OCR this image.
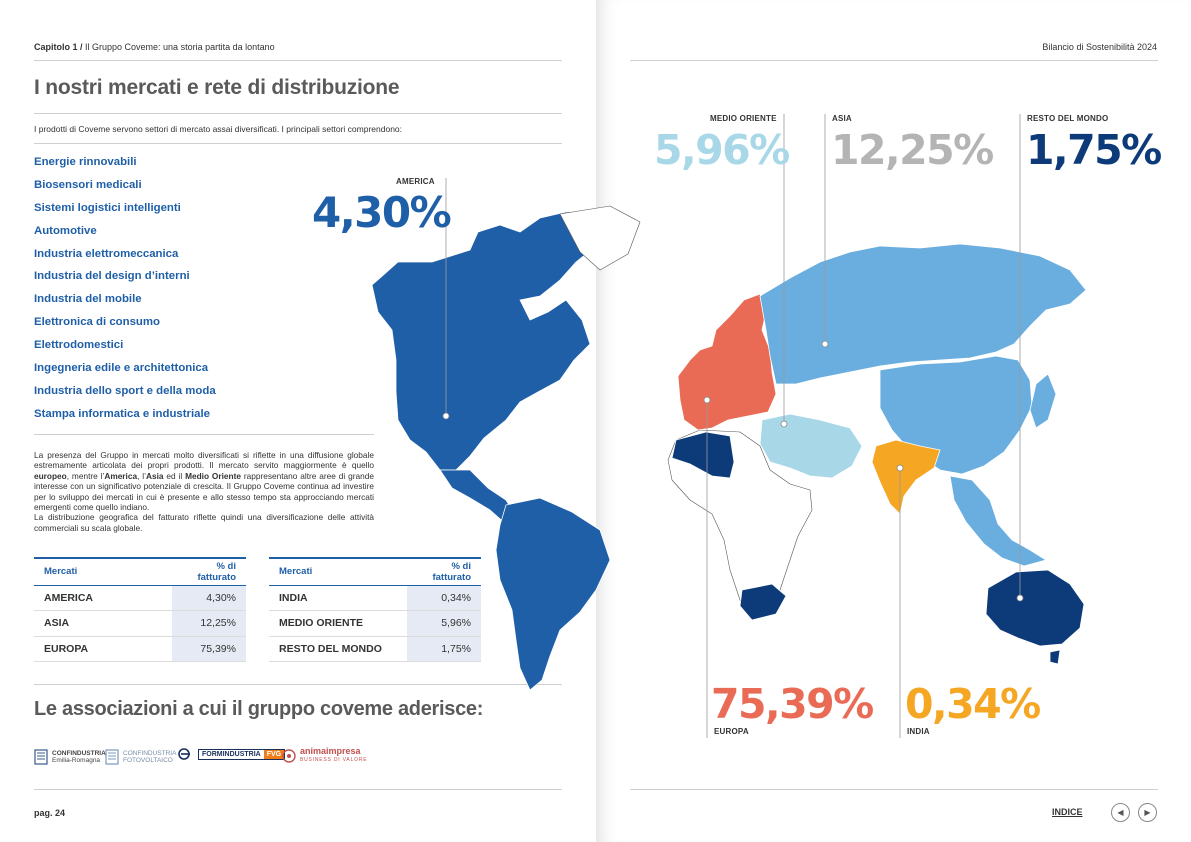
Capitolo 1 / Il Gruppo Coveme: una storia partita da lontano
I nostri mercati e rete di distribuzione

I prodotti di Coveme servono settori di mercato assai diversificati. I principali settori comprendono:

Energie rinnovabili
Biosensori medicali
Sistemi logistici intelligenti
Automotive
Industria elettromeccanica
Industria del design d’interni
Industria del mobile
Elettronica di consumo
Elettrodomestici
Ingegneria edile e architettonica
Industria dello sport e della moda
Stampa informatica e industriale

La presenza del Gruppo in mercati molto diversificati si riflette in una diffusione globale estremamente articolata dei propri prodotti. Il mercato servito maggiormente è quello europeo, mentre l’America, l’Asia ed il Medio Oriente rappresentano altre aree di grande interesse con un significativo potenziale di crescita. Il Gruppo Coveme continua ad investire per lo sviluppo dei mercati in cui è presente e allo stesso tempo sta approcciando mercati emergenti come quello indiano.

La distribuzione geografica del fatturato riflette quindi una diversificazione delle attività commerciali su scala globale.

Mercati	% di fatturato
AMERICA	4,30%
ASIA	12,25%
EUROPA	75,39%
Mercati	% di fatturato
INDIA	0,34%
MEDIO ORIENTE	5,96%
RESTO DEL MONDO	1,75%
Le associazioni a cui il gruppo coveme aderisce:
CONFINDUSTRIA
Emilia-Romagna
CONFINDUSTRIA
FOTOVOLTAICO
FORMINDUSTRIA FVG	animaimpresa
BUSINESS DI VALORE
pag. 24
Bilancio di Sostenibilità 2024
AMERICA
4,30%
MEDIO ORIENTE
5,96%
ASIA
12,25%
RESTO DEL MONDO
1,75%
75,39%
EUROPA
0,34%
INDIA
INDICE	◀	▶
